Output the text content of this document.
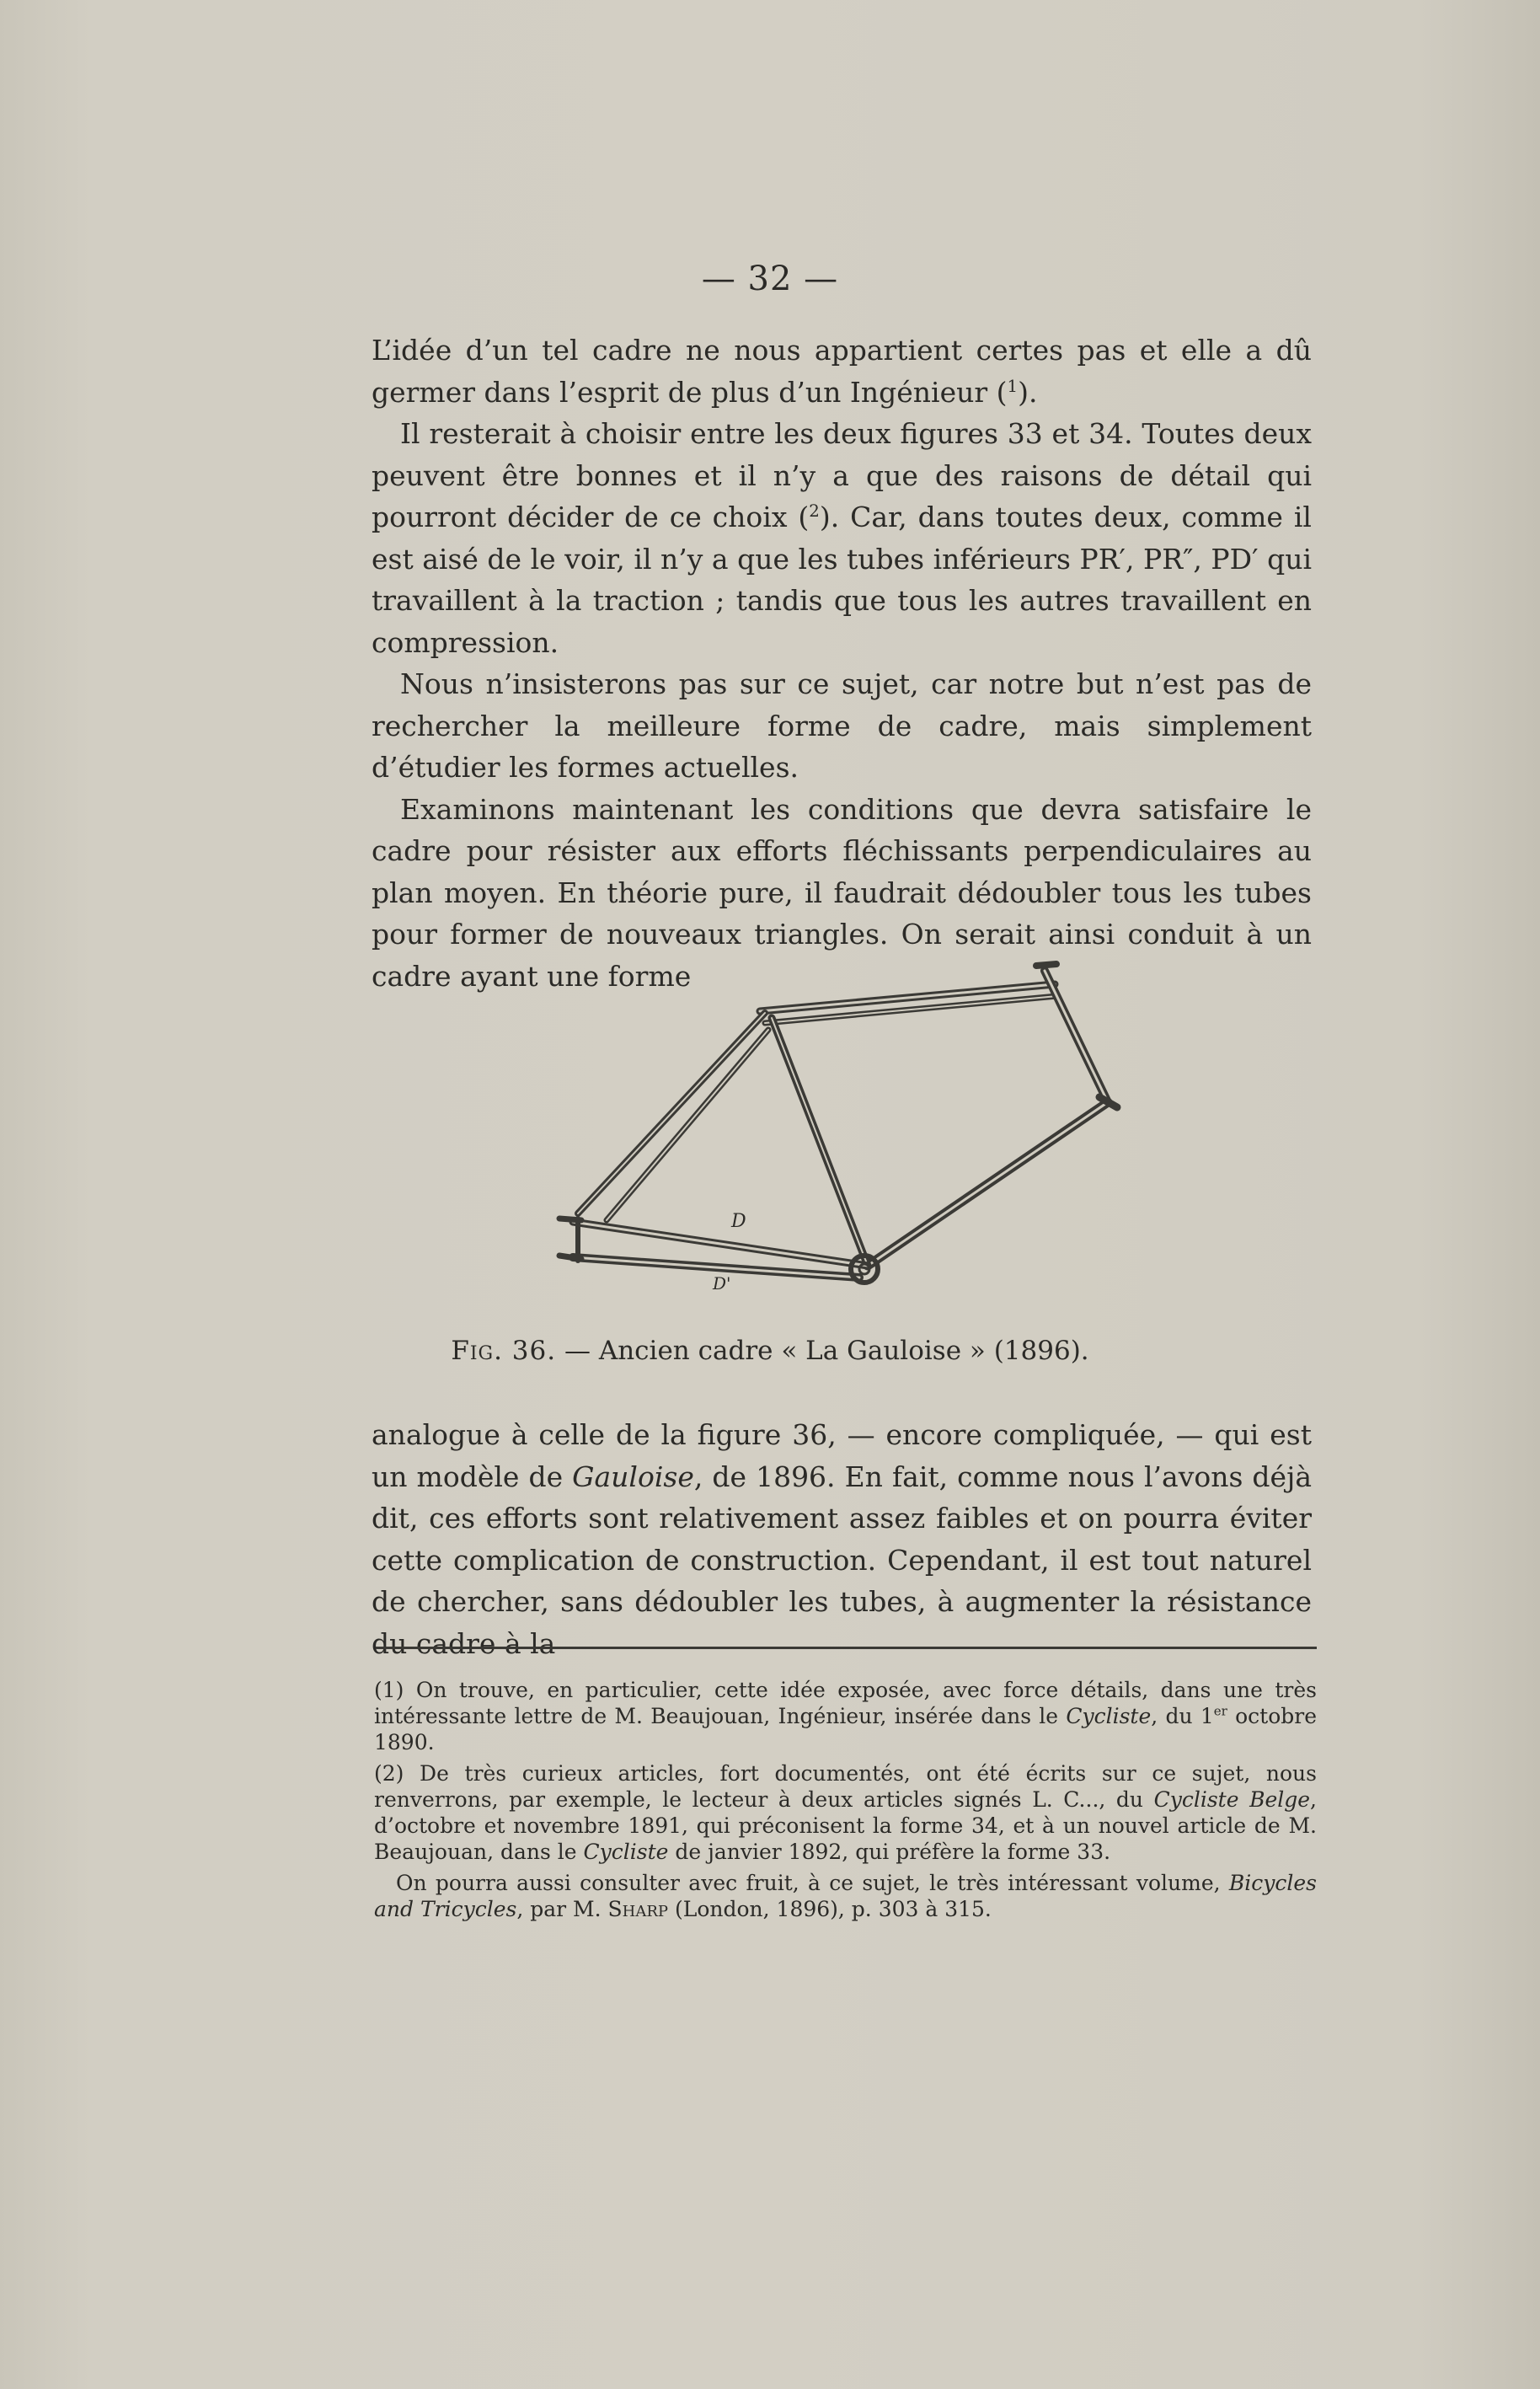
— 32 —

L’idée d’un tel cadre ne nous appartient certes pas et elle a dû germer dans l’esprit de plus d’un Ingénieur ($^1$).

Il resterait à choisir entre les deux figures 33 et 34. Toutes deux peuvent être bonnes et il n’y a que des raisons de détail qui pourront décider de ce choix ($^2$). Car, dans toutes deux, comme il est aisé de le voir, il n’y a que les tubes inférieurs PR′, PR″, PD′ qui travaillent à la traction ; tandis que tous les autres travaillent en compression.

Nous n’insisterons pas sur ce sujet, car notre but n’est pas de rechercher la meilleure forme de cadre, mais simplement d’étudier les formes actuelles.

Examinons maintenant les conditions que devra satisfaire le cadre pour résister aux efforts fléchissants perpendiculaires au plan moyen. En théorie pure, il faudrait dédoubler tous les tubes pour former de nouveaux triangles. On serait ainsi conduit à un cadre ayant une forme

D
D'
Fig. 36. — Ancien cadre « La Gauloise » (1896).

analogue à celle de la figure 36, — encore compliquée, — qui est un modèle de Gauloise, de 1896. En fait, comme nous l’avons déjà dit, ces efforts sont relativement assez faibles et on pourra éviter cette complication de construction. Cependant, il est tout naturel de chercher, sans dédoubler les tubes, à augmenter la résistance du cadre à la

(1) On trouve, en particulier, cette idée exposée, avec force détails, dans une très intéressante lettre de M. Beaujouan, Ingénieur, insérée dans le Cycliste, du 1er octobre 1890.

(2) De très curieux articles, fort documentés, ont été écrits sur ce sujet, nous renverrons, par exemple, le lecteur à deux articles signés L. C..., du Cycliste Belge, d’octobre et novembre 1891, qui préconisent la forme 34, et à un nouvel article de M. Beaujouan, dans le Cycliste de janvier 1892, qui préfère la forme 33.

On pourra aussi consulter avec fruit, à ce sujet, le très intéressant volume, Bicycles and Tricycles, par M. Sharp (London, 1896), p. 303 à 315.
